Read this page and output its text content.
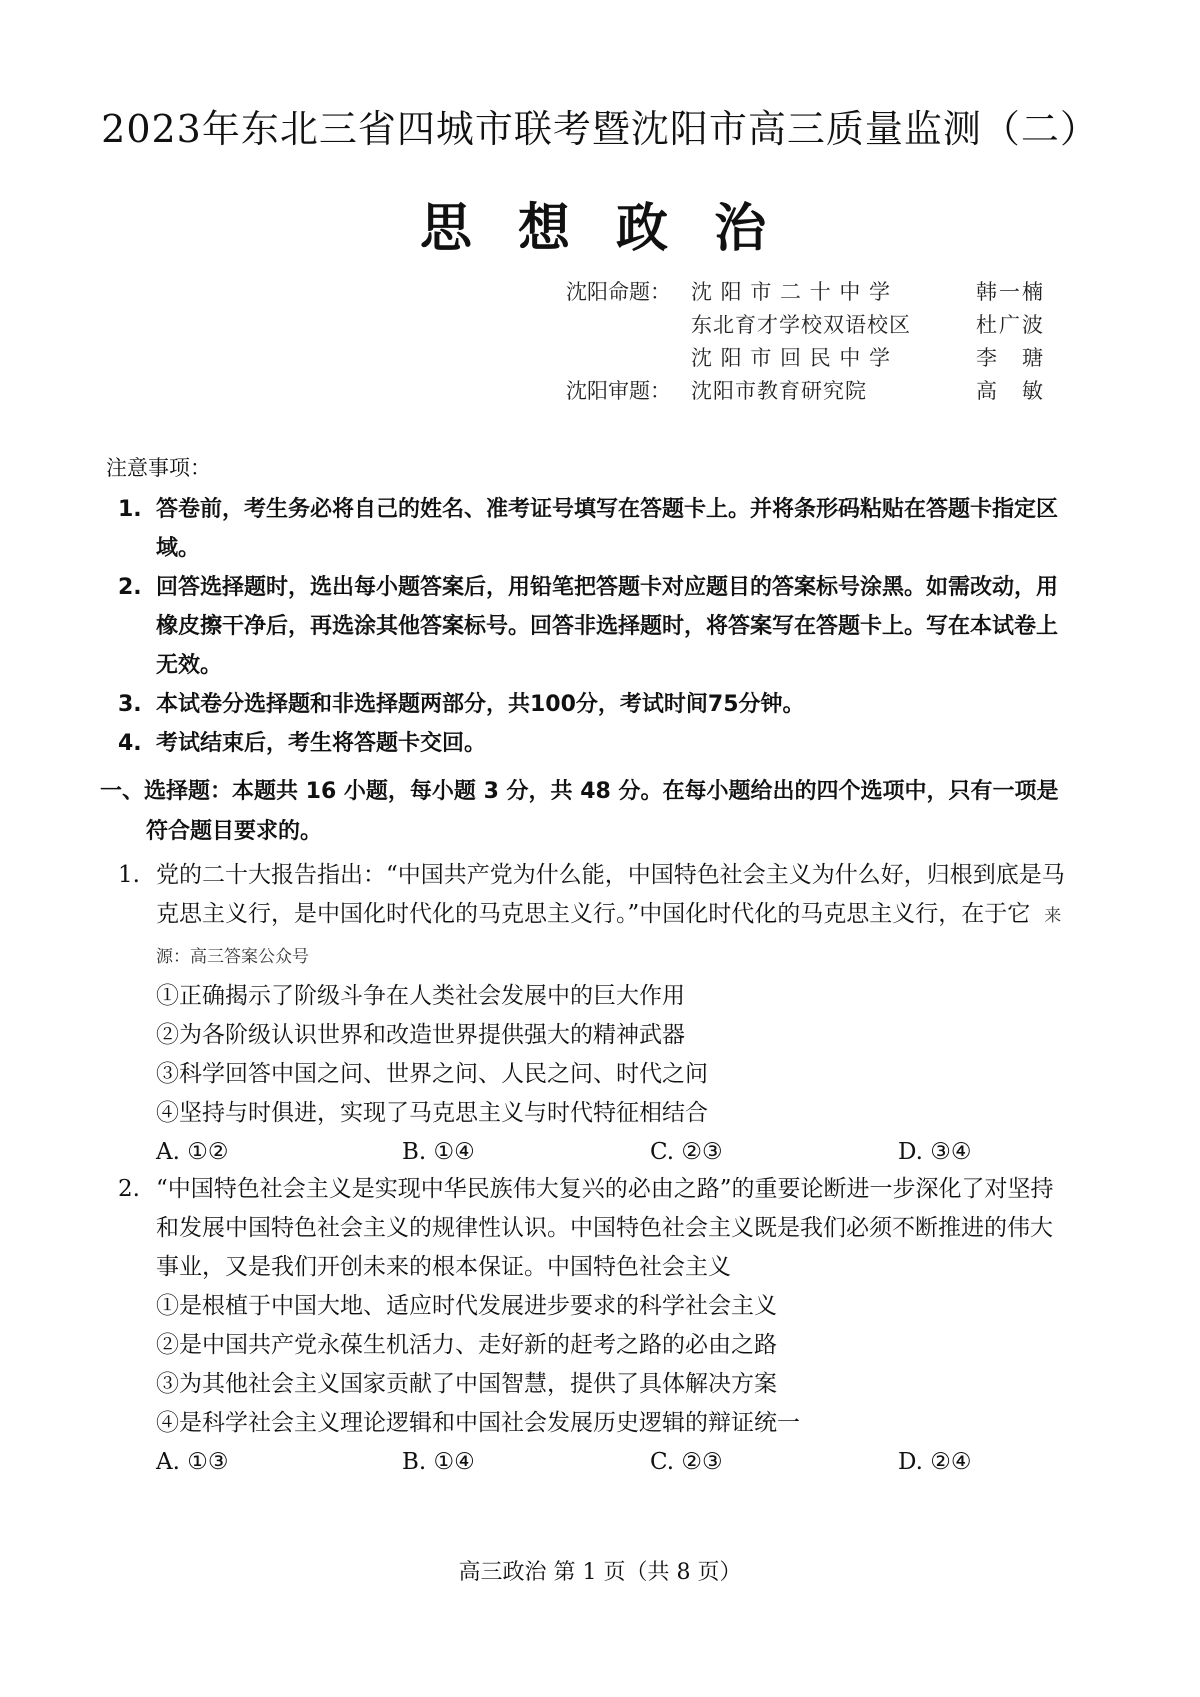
2023年东北三省四城市联考暨沈阳市高三质量监测（二）
思 想 政 治
沈阳命题： 沈 阳 市 二 十 中 学	韩一楠
东北育才学校双语校区	杜广波
沈 阳 市 回 民 中 学	李　瑭
沈阳审题： 沈阳市教育研究院	高　敏
注意事项：
1. 答卷前，考生务必将自己的姓名、准考证号填写在答题卡上。并将条形码粘贴在答题卡指定区域。
2. 回答选择题时，选出每小题答案后，用铅笔把答题卡对应题目的答案标号涂黑。如需改动，用橡皮擦干净后，再选涂其他答案标号。回答非选择题时，将答案写在答题卡上。写在本试卷上无效。
3. 本试卷分选择题和非选择题两部分，共100分，考试时间75分钟。
4. 考试结束后，考生将答题卡交回。
一、选择题：本题共 16 小题，每小题 3 分，共 48 分。在每小题给出的四个选项中，只有一项是符合题目要求的。
1. 党的二十大报告指出：“中国共产党为什么能，中国特色社会主义为什么好，归根到底是马克思主义行，是中国化时代化的马克思主义行。”中国化时代化的马克思主义行，在于它 来源：高三答案公众号
①正确揭示了阶级斗争在人类社会发展中的巨大作用
②为各阶级认识世界和改造世界提供强大的精神武器
③科学回答中国之问、世界之问、人民之问、时代之问
④坚持与时俱进，实现了马克思主义与时代特征相结合
A. ①②	B. ①④	C. ②③	D. ③④
2. “中国特色社会主义是实现中华民族伟大复兴的必由之路”的重要论断进一步深化了对坚持和发展中国特色社会主义的规律性认识。中国特色社会主义既是我们必须不断推进的伟大事业，又是我们开创未来的根本保证。中国特色社会主义
①是根植于中国大地、适应时代发展进步要求的科学社会主义
②是中国共产党永葆生机活力、走好新的赶考之路的必由之路
③为其他社会主义国家贡献了中国智慧，提供了具体解决方案
④是科学社会主义理论逻辑和中国社会发展历史逻辑的辩证统一
A. ①③	B. ①④	C. ②③	D. ②④
高三政治 第 1 页（共 8 页）
